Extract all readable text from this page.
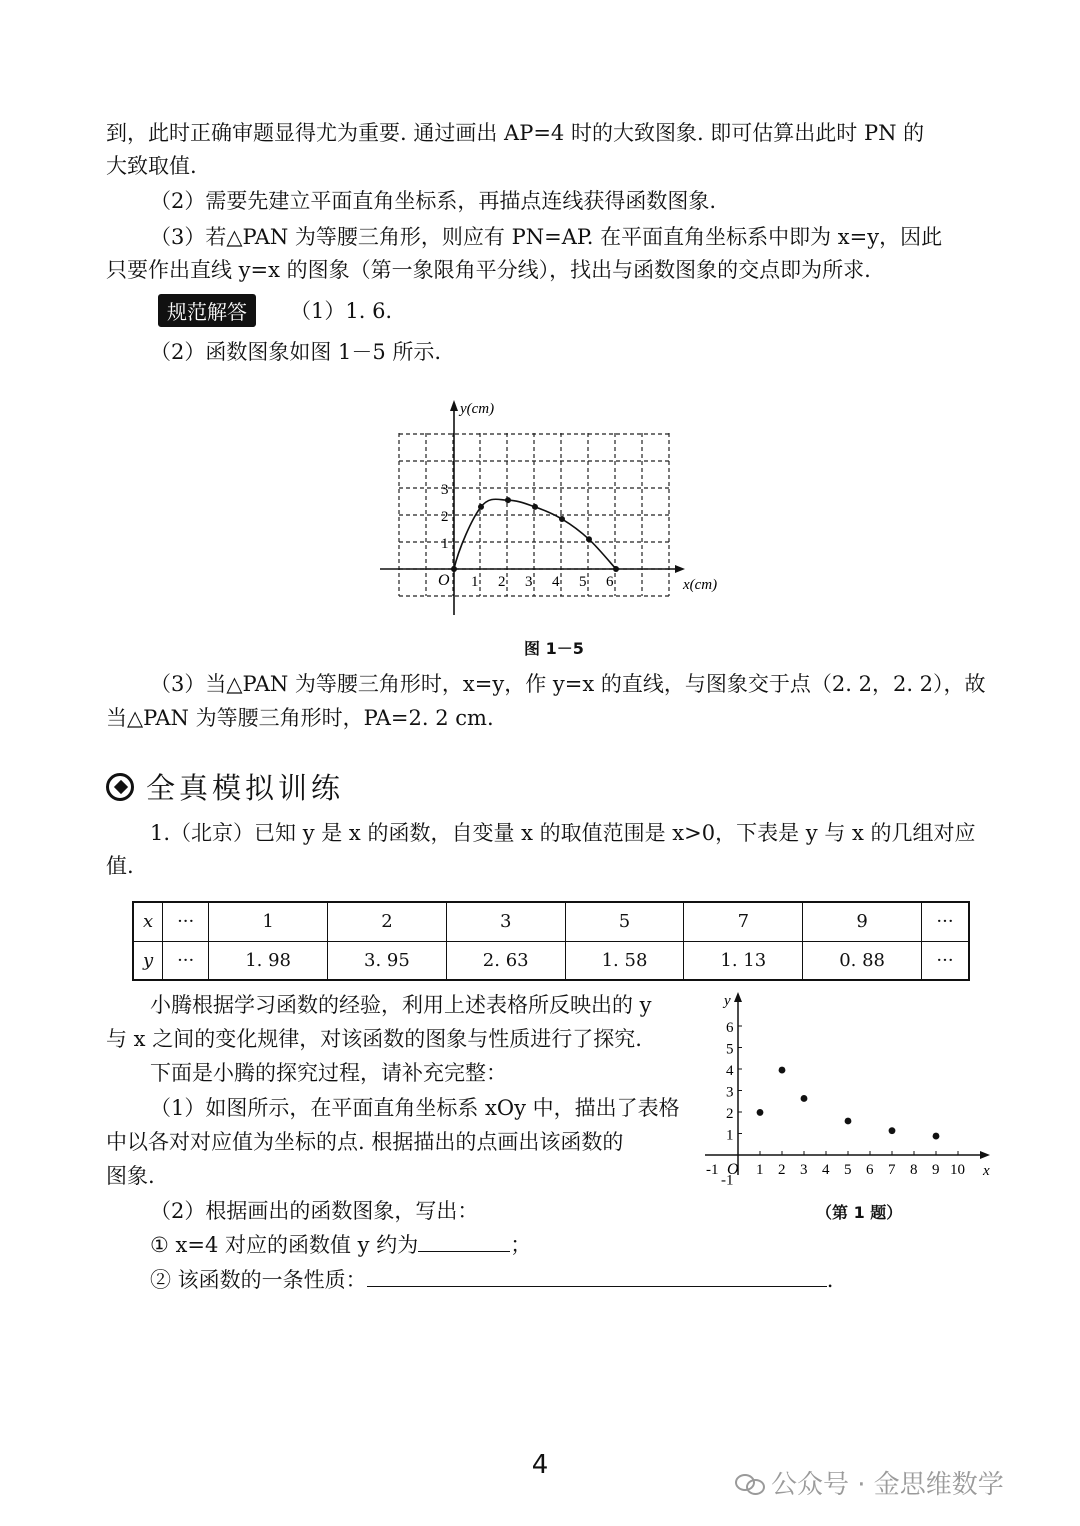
到，此时正确审题显得尤为重要. 通过画出 AP=4 时的大致图象. 即可估算出此时 PN 的
大致取值.
（2）需要先建立平面直角坐标系，再描点连线获得函数图象.
（3）若△PAN 为等腰三角形，则应有 PN=AP. 在平面直角坐标系中即为 x=y，因此
只要作出直线 y=x 的图象（第一象限角平分线），找出与函数图象的交点即为所求.
规范解答	（1）1. 6.
（2）函数图象如图 1－5 所示.
y(cm)
x(cm)
O 1 2 3 4 5 6
1
2
3
图 1－5
（3）当△PAN 为等腰三角形时，x=y，作 y=x 的直线，与图象交于点（2. 2，2. 2），故
当△PAN 为等腰三角形时，PA=2. 2 cm.
全真模拟训练
1.（北京）已知 y 是 x 的函数，自变量 x 的取值范围是 x>0，下表是 y 与 x 的几组对应
值.
x	···	1	2	3	5	7	9	···
y	···	1. 98	3. 95	2. 63	1. 58	1. 13	0. 88	···
小腾根据学习函数的经验，利用上述表格所反映出的 y
与 x 之间的变化规律，对该函数的图象与性质进行了探究.
下面是小腾的探究过程，请补充完整：
（1）如图所示，在平面直角坐标系 xOy 中，描出了表格
中以各对对应值为坐标的点. 根据描出的点画出该函数的
图象.
（2）根据画出的函数图象，写出：
① x=4 对应的函数值 y 约为	；
② 该函数的一条性质：	.
y
x
O
-1	1 2 3 4 5 6 7 8 9 10
-1
1
2
3
4
5
6
（第 1 题）
4
公众号 · 金思维数学
